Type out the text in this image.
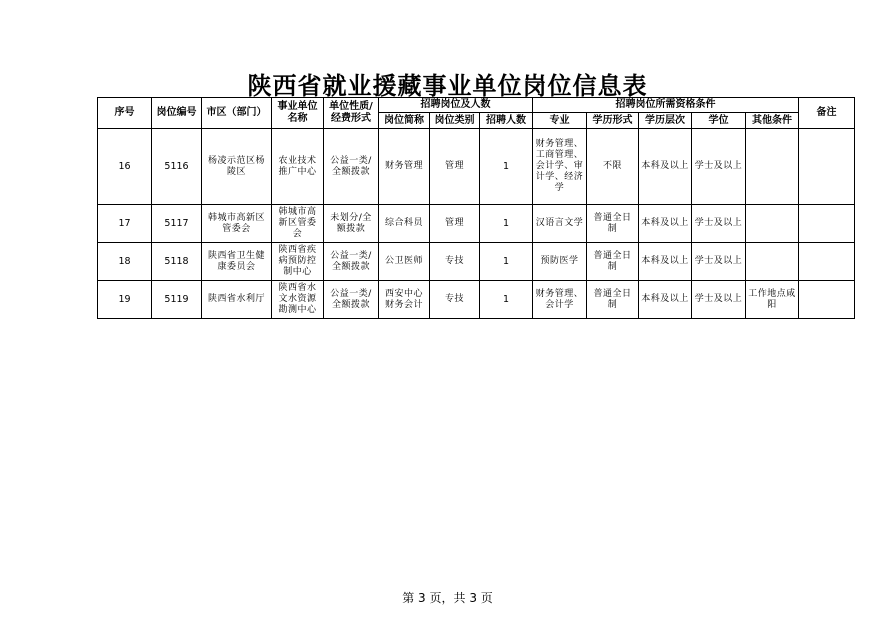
陕西省就业援藏事业单位岗位信息表
序号	岗位编号	市区（部门）	事业单位名称	单位性质/经费形式	招聘岗位及人数			招聘岗位所需资格条件					备注
					岗位简称	岗位类别	招聘人数	专业	学历形式	学历层次	学位	其他条件	
16	5116	杨凌示范区杨陵区	农业技术推广中心	公益一类/全额拨款	财务管理	管理	1	财务管理、工商管理、会计学、审计学、经济学	不限	本科及以上	学士及以上		
17	5117	韩城市高新区管委会	韩城市高新区管委会	未划分/全额拨款	综合科员	管理	1	汉语言文学	普通全日制	本科及以上	学士及以上		
18	5118	陕西省卫生健康委员会	陕西省疾病预防控制中心	公益一类/全额拨款	公卫医师	专技	1	预防医学	普通全日制	本科及以上	学士及以上		
19	5119	陕西省水利厅	陕西省水文水资源勘测中心	公益一类/全额拨款	西安中心财务会计	专技	1	财务管理、会计学	普通全日制	本科及以上	学士及以上	工作地点咸阳	
第 3 页，共 3 页
